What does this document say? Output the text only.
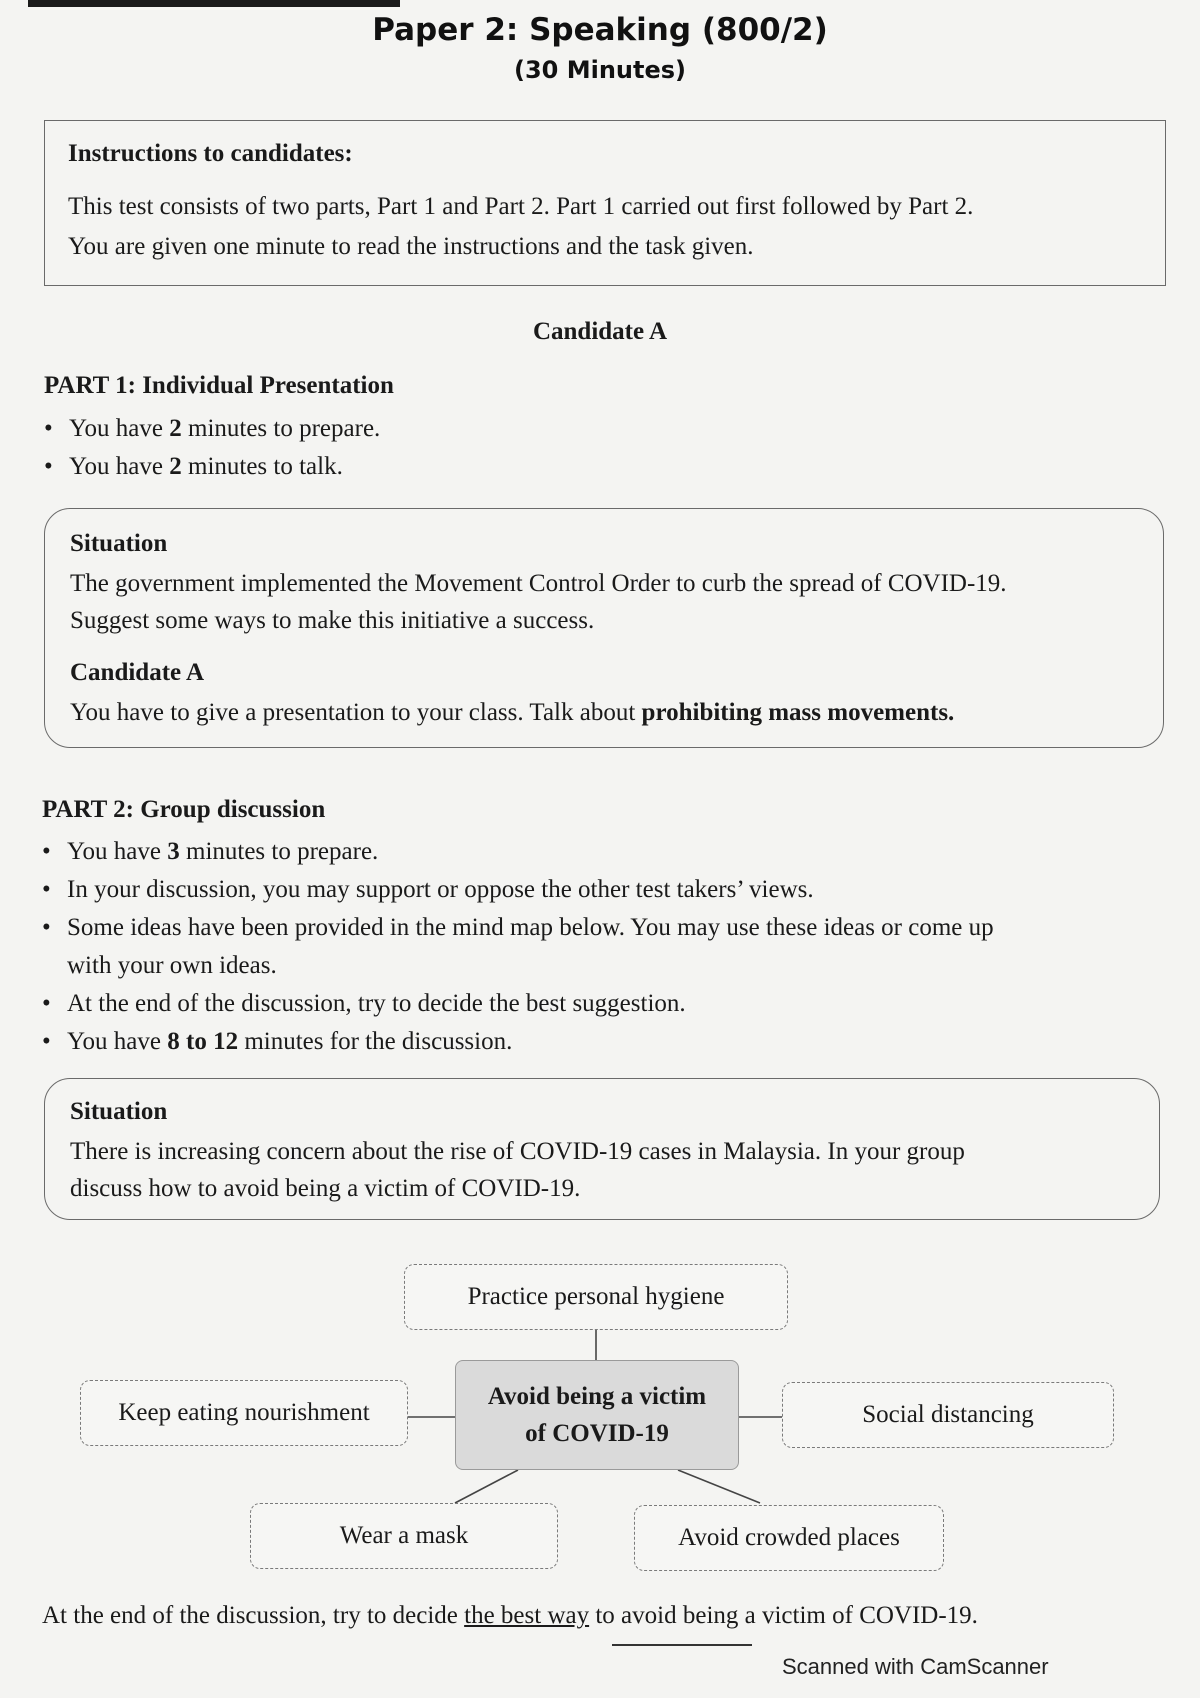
Paper 2: Speaking (800/2)
(30 Minutes)
Instructions to candidates:
This test consists of two parts, Part 1 and Part 2. Part 1 carried out first followed by Part 2.
You are given one minute to read the instructions and the task given.
Candidate A
PART 1: Individual Presentation
• You have 2 minutes to prepare.
• You have 2 minutes to talk.
Situation
The government implemented the Movement Control Order to curb the spread of COVID-19.
Suggest some ways to make this initiative a success.
Candidate A
You have to give a presentation to your class. Talk about prohibiting mass movements.
PART 2: Group discussion
• You have 3 minutes to prepare.
• In your discussion, you may support or oppose the other test takers’ views.
• Some ideas have been provided in the mind map below. You may use these ideas or come up
with your own ideas.
• At the end of the discussion, try to decide the best suggestion.
• You have 8 to 12 minutes for the discussion.
Situation
There is increasing concern about the rise of COVID-19 cases in Malaysia. In your group
discuss how to avoid being a victim of COVID-19.
Practice personal hygiene
Keep eating nourishment
Avoid being a victim
of COVID-19
Social distancing
Wear a mask	Avoid crowded places
At the end of the discussion, try to decide the best way to avoid being a victim of COVID-19.
Scanned with CamScanner
